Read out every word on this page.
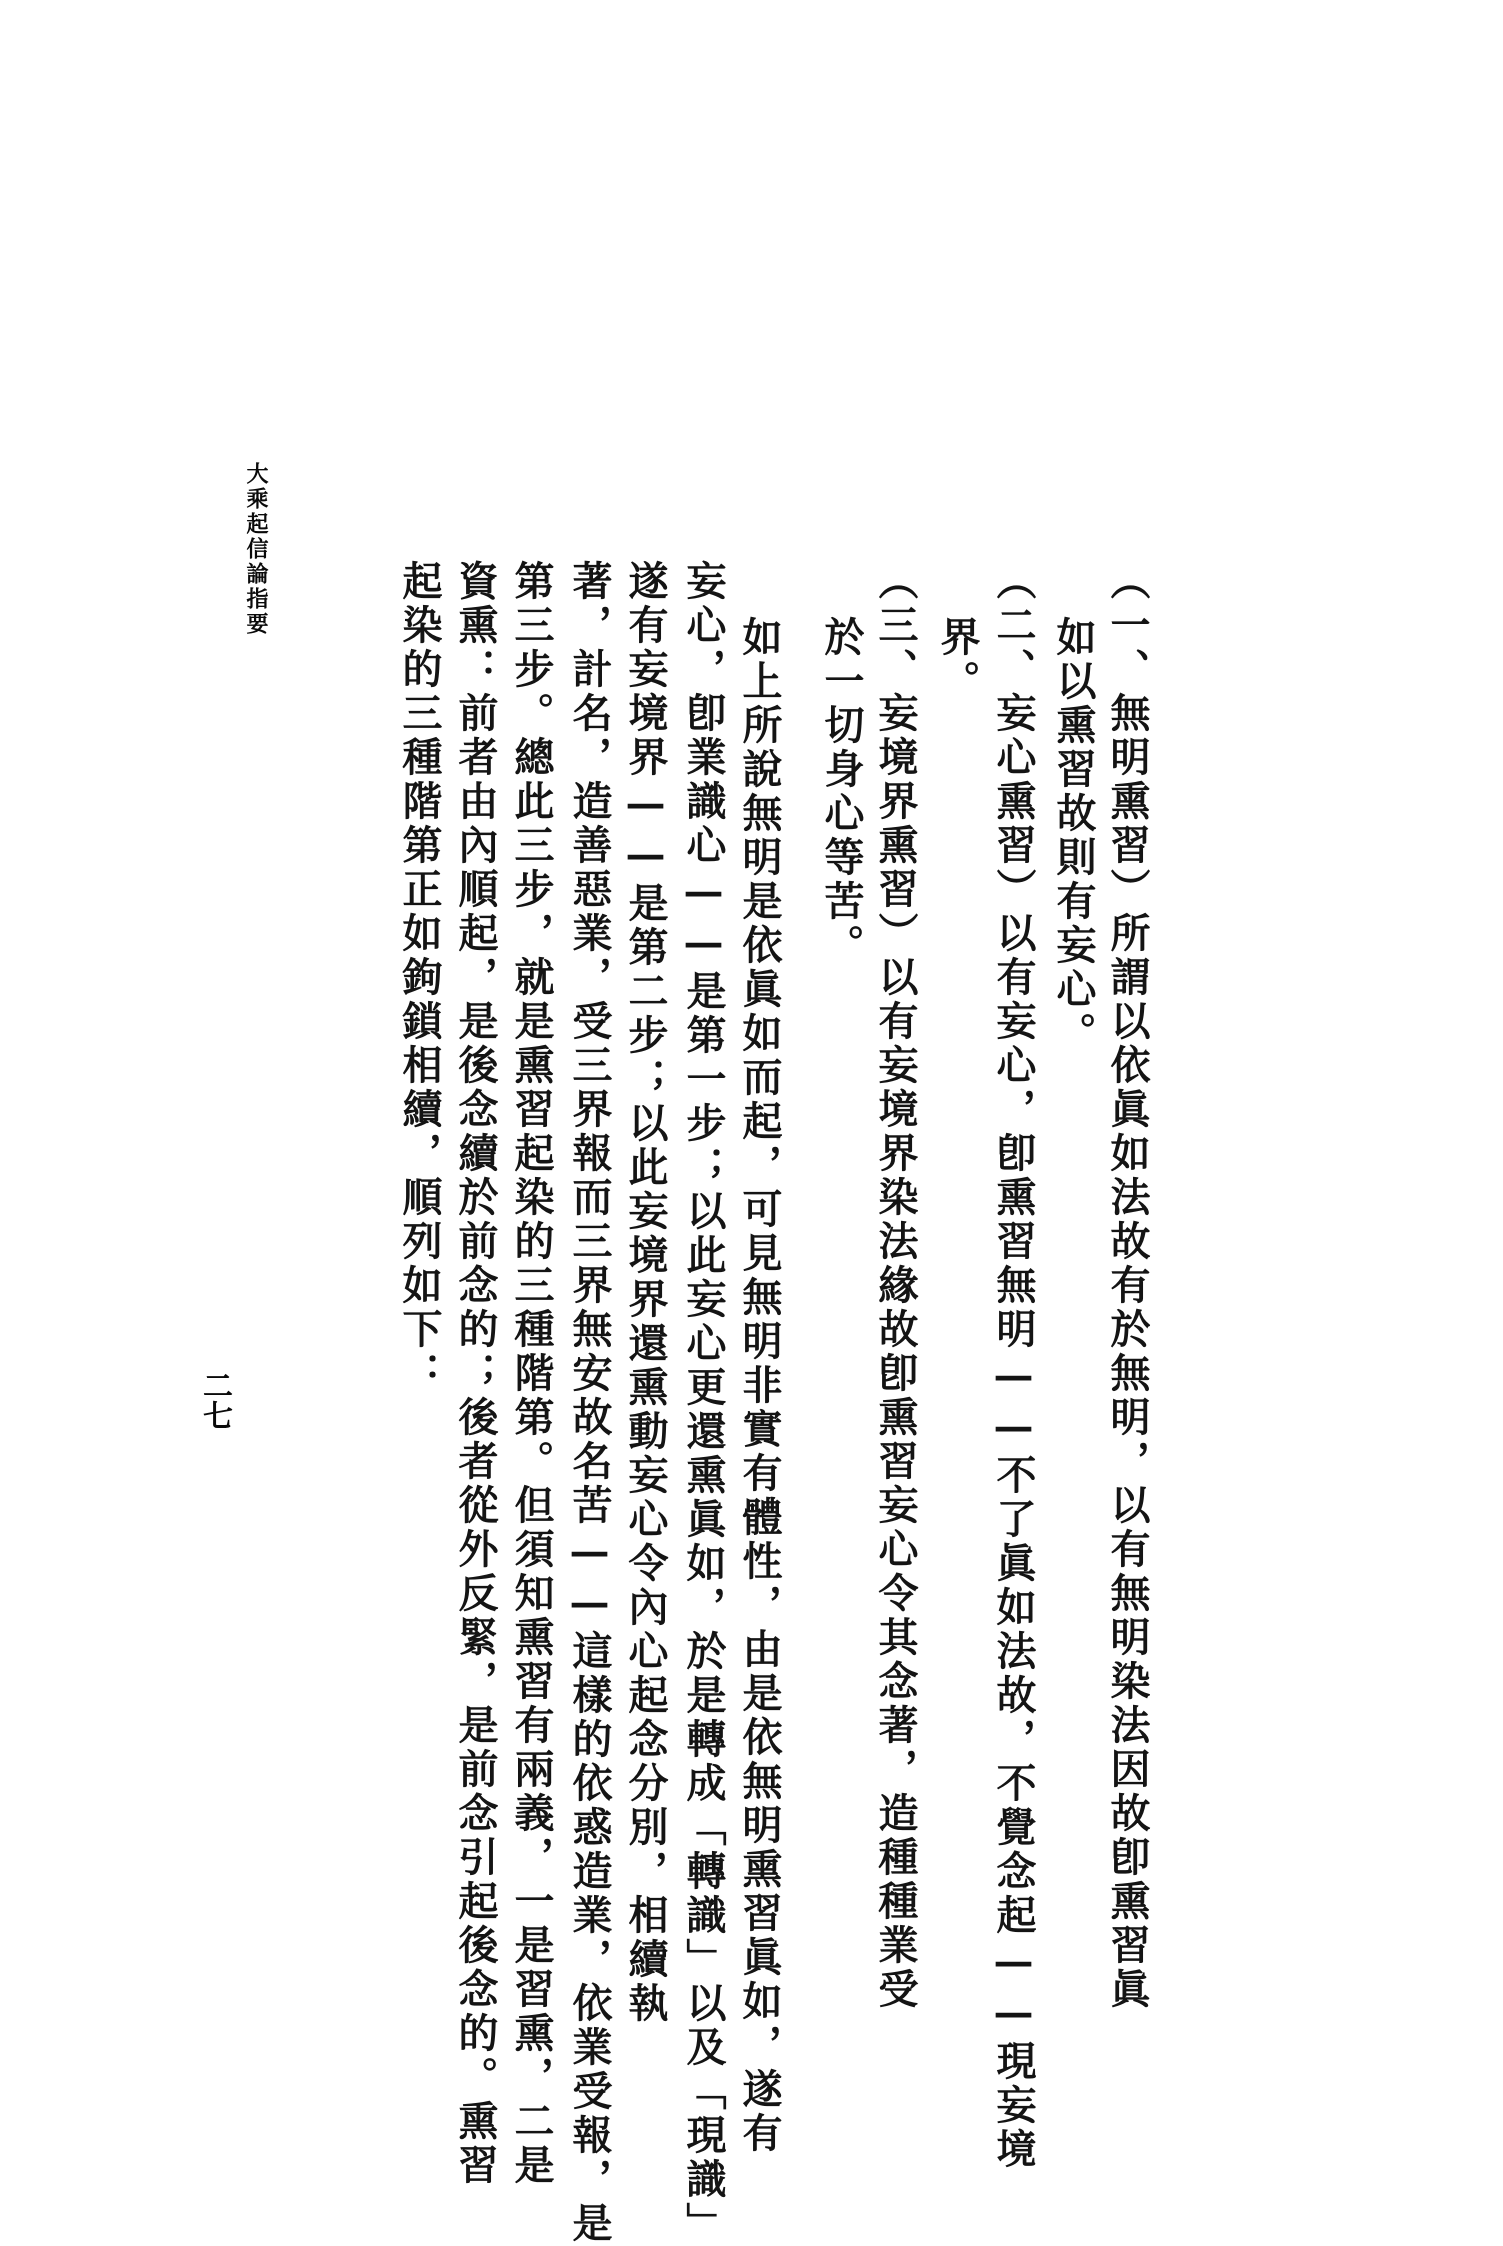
大乘起信論指要
二七	（一、無明熏習）所謂以依眞如法故有於無明，以有無明染法因故卽熏習眞
如以熏習故則有妄心。
（二、妄心熏習）以有妄心，卽熏習無明——不了眞如法故，不覺念起——現妄境
界。
（三、妄境界熏習）以有妄境界染法緣故卽熏習妄心令其念著，造種種業受
於一切身心等苦。
如上所說無明是依眞如而起，可見無明非實有體性，由是依無明熏習眞如，遂有
妄心，卽業識心——是第一步；以此妄心更還熏眞如，於是轉成「轉識」以及「現識」
遂有妄境界——是第二步；以此妄境界還熏動妄心令內心起念分別，相續執
著，計名，造善惡業，受三界報而三界無安故名苦——這樣的依惑造業，依業受報，是
第三步。總此三步，就是熏習起染的三種階第。但須知熏習有兩義，一是習熏，二是
資熏：前者由內順起，是後念續於前念的；後者從外反緊，是前念引起後念的。熏習
起染的三種階第正如鉤鎖相續，順列如下：
